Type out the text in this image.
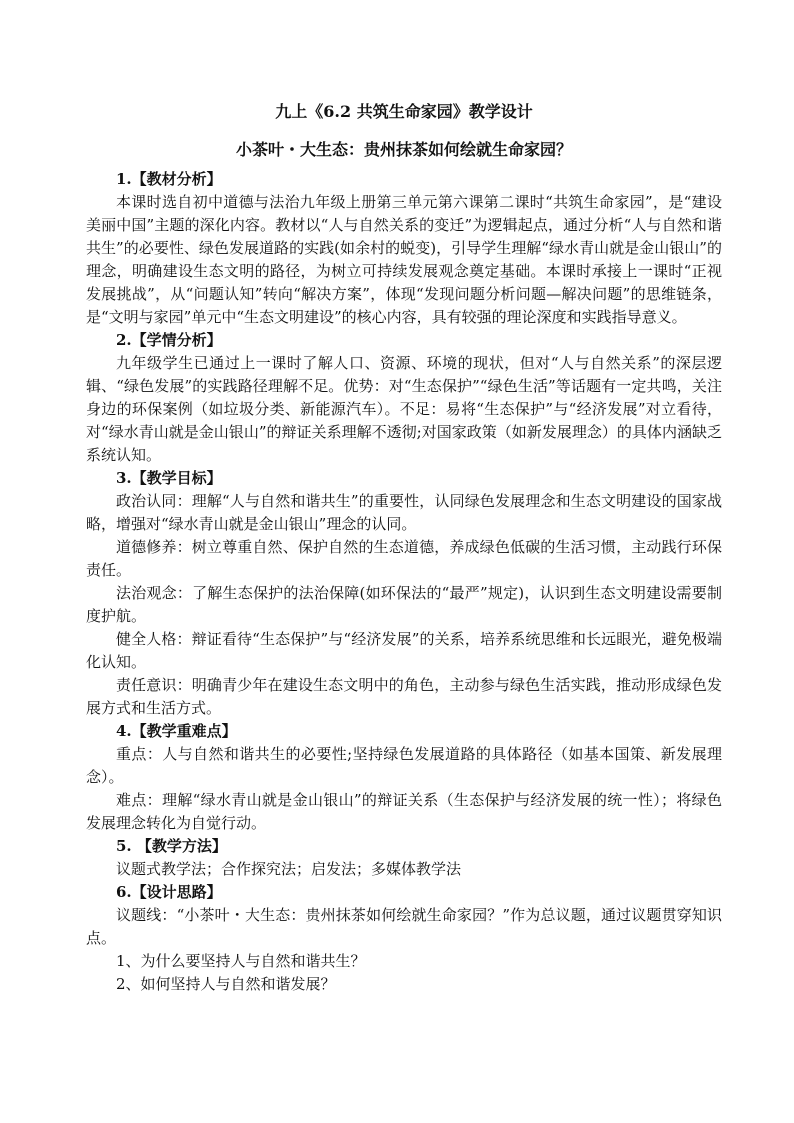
九上《6.2 共筑生命家园》教学设计
小茶叶・大生态：贵州抹茶如何绘就生命家园？

1.【教材分析】

本课时选自初中道德与法治九年级上册第三单元第六课第二课时“共筑生命家园”，是“建设美丽中国”主题的深化内容。教材以“人与自然关系的变迁”为逻辑起点，通过分析“人与自然和谐共生”的必要性、绿色发展道路的实践(如余村的蜕变)，引导学生理解“绿水青山就是金山银山”的理念，明确建设生态文明的路径，为树立可持续发展观念奠定基础。本课时承接上一课时“正视发展挑战”，从“问题认知”转向“解决方案”，体现“发现问题分析问题—解决问题”的思维链条，是“文明与家园”单元中“生态文明建设”的核心内容，具有较强的理论深度和实践指导意义。

2.【学情分析】

九年级学生已通过上一课时了解人口、资源、环境的现状，但对“人与自然关系”的深层逻辑、“绿色发展”的实践路径理解不足。优势：对“生态保护”“绿色生活”等话题有一定共鸣，关注身边的环保案例（如垃圾分类、新能源汽车）。不足：易将“生态保护”与“经济发展”对立看待，对“绿水青山就是金山银山”的辩证关系理解不透彻;对国家政策（如新发展理念）的具体内涵缺乏系统认知。

3.【教学目标】

政治认同：理解“人与自然和谐共生”的重要性，认同绿色发展理念和生态文明建设的国家战略，增强对“绿水青山就是金山银山”理念的认同。

道德修养：树立尊重自然、保护自然的生态道德，养成绿色低碳的生活习惯，主动践行环保责任。

法治观念：了解生态保护的法治保障(如环保法的“最严”规定)，认识到生态文明建设需要制度护航。

健全人格：辩证看待“生态保护”与“经济发展”的关系，培养系统思维和长远眼光，避免极端化认知。

责任意识：明确青少年在建设生态文明中的角色，主动参与绿色生活实践，推动形成绿色发展方式和生活方式。

4.【教学重难点】

重点：人与自然和谐共生的必要性;坚持绿色发展道路的具体路径（如基本国策、新发展理念）。

难点：理解“绿水青山就是金山银山”的辩证关系（生态保护与经济发展的统一性）；将绿色发展理念转化为自觉行动。

5. 【教学方法】

议题式教学法；合作探究法；启发法；多媒体教学法

6.【设计思路】

议题线：“小茶叶・大生态：贵州抹茶如何绘就生命家园？”作为总议题，通过议题贯穿知识点。

1、为什么要坚持人与自然和谐共生？

2、如何坚持人与自然和谐发展？
